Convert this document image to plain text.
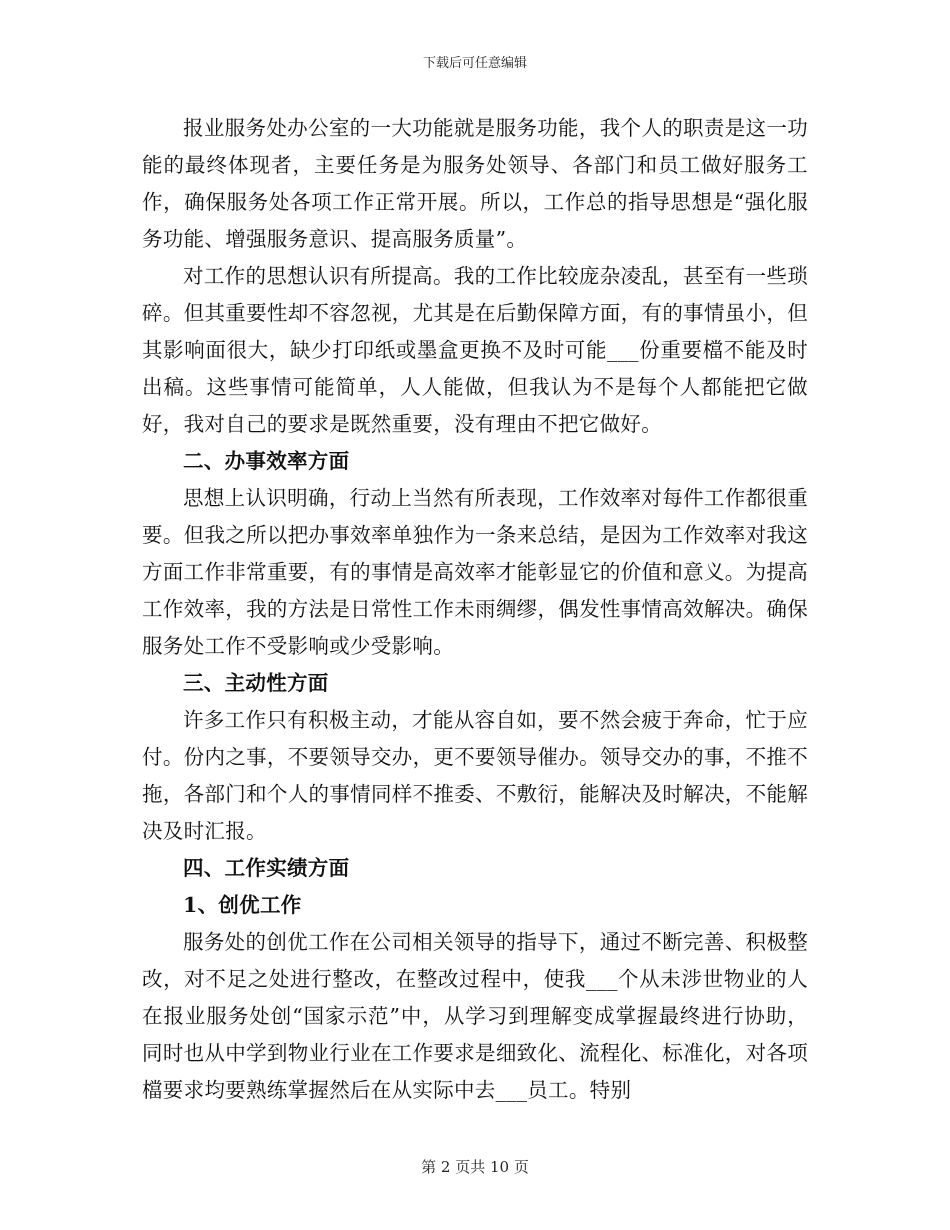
下载后可任意编辑

报业服务处办公室的一大功能就是服务功能，我个人的职责是这一功能的最终体现者，主要任务是为服务处领导、各部门和员工做好服务工作，确保服务处各项工作正常开展。所以，工作总的指导思想是“强化服务功能、增强服务意识、提高服务质量”。

对工作的思想认识有所提高。我的工作比较庞杂凌乱，甚至有一些琐碎。但其重要性却不容忽视，尤其是在后勤保障方面，有的事情虽小，但其影响面很大，缺少打印纸或墨盒更换不及时可能___份重要檔不能及时出稿。这些事情可能简单，人人能做，但我认为不是每个人都能把它做好，我对自己的要求是既然重要，没有理由不把它做好。

二、办事效率方面

思想上认识明确，行动上当然有所表现，工作效率对每件工作都很重要。但我之所以把办事效率单独作为一条来总结，是因为工作效率对我这方面工作非常重要，有的事情是高效率才能彰显它的价值和意义。为提高工作效率，我的方法是日常性工作未雨绸缪，偶发性事情高效解决。确保服务处工作不受影响或少受影响。

三、主动性方面

许多工作只有积极主动，才能从容自如，要不然会疲于奔命，忙于应付。份内之事，不要领导交办，更不要领导催办。领导交办的事，不推不拖，各部门和个人的事情同样不推委、不敷衍，能解决及时解决，不能解决及时汇报。

四、工作实绩方面
1、创优工作

服务处的创优工作在公司相关领导的指导下，通过不断完善、积极整改，对不足之处进行整改，在整改过程中，使我___个从未涉世物业的人在报业服务处创“国家示范”中，从学习到理解变成掌握最终进行协助，同时也从中学到物业行业在工作要求是细致化、流程化、标准化，对各项檔要求均要熟练掌握然后在从实际中去___员工。特别

第 2 页共 10 页
